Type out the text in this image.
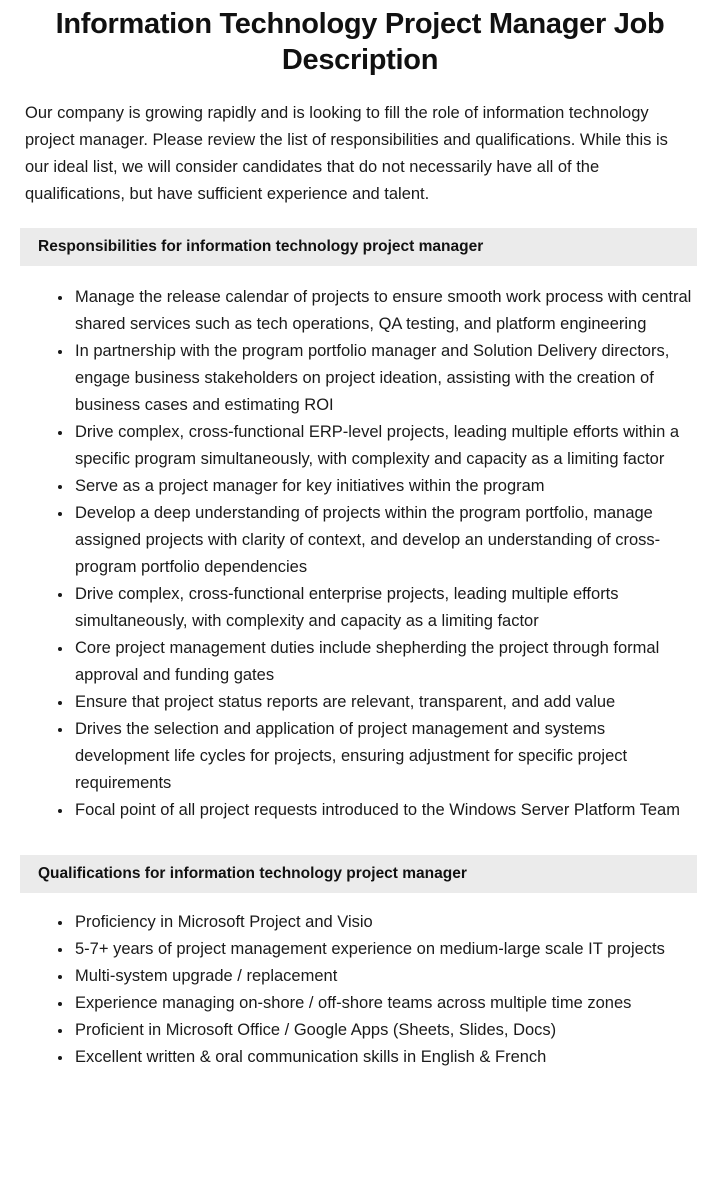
Information Technology Project Manager Job Description

Our company is growing rapidly and is looking to fill the role of information technology project manager. Please review the list of responsibilities and qualifications. While this is our ideal list, we will consider candidates that do not necessarily have all of the qualifications, but have sufficient experience and talent.

Responsibilities for information technology project manager
Manage the release calendar of projects to ensure smooth work process with central shared services such as tech operations, QA testing, and platform engineering
In partnership with the program portfolio manager and Solution Delivery directors, engage business stakeholders on project ideation, assisting with the creation of business cases and estimating ROI
Drive complex, cross-functional ERP-level projects, leading multiple efforts within a specific program simultaneously, with complexity and capacity as a limiting factor
Serve as a project manager for key initiatives within the program
Develop a deep understanding of projects within the program portfolio, manage assigned projects with clarity of context, and develop an understanding of cross-program portfolio dependencies
Drive complex, cross-functional enterprise projects, leading multiple efforts simultaneously, with complexity and capacity as a limiting factor
Core project management duties include shepherding the project through formal approval and funding gates
Ensure that project status reports are relevant, transparent, and add value
Drives the selection and application of project management and systems development life cycles for projects, ensuring adjustment for specific project requirements
Focal point of all project requests introduced to the Windows Server Platform Team
Qualifications for information technology project manager
Proficiency in Microsoft Project and Visio
5-7+ years of project management experience on medium-large scale IT projects
Multi-system upgrade / replacement
Experience managing on-shore / off-shore teams across multiple time zones
Proficient in Microsoft Office / Google Apps (Sheets, Slides, Docs)
Excellent written & oral communication skills in English & French
